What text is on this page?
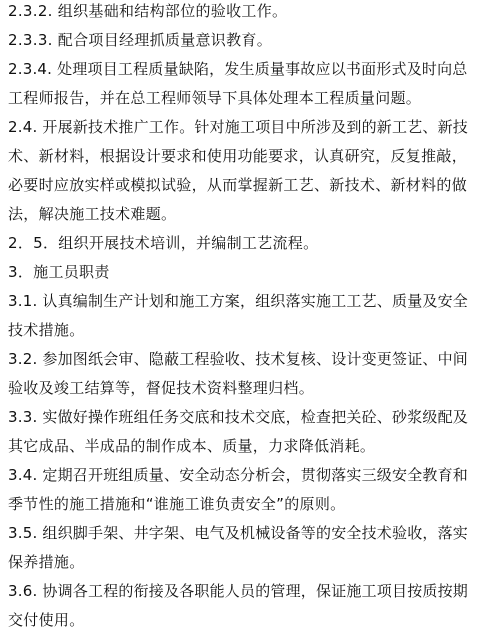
2.3.2. 组织基础和结构部位的验收工作。
2.3.3. 配合项目经理抓质量意识教育。
2.3.4. 处理项目工程质量缺陷，发生质量事故应以书面形式及时向总
工程师报告，并在总工程师领导下具体处理本工程质量问题。
2.4. 开展新技术推广工作。针对施工项目中所涉及到的新工艺、新技
术、新材料，根据设计要求和使用功能要求，认真研究，反复推敲，
必要时应放实样或模拟试验，从而掌握新工艺、新技术、新材料的做
法，解决施工技术难题。
2．5．组织开展技术培训，并编制工艺流程。
3．施工员职责
3.1. 认真编制生产计划和施工方案，组织落实施工工艺、质量及安全
技术措施。
3.2. 参加图纸会审、隐蔽工程验收、技术复核、设计变更签证、中间
验收及竣工结算等，督促技术资料整理归档。
3.3. 实做好操作班组任务交底和技术交底，检查把关砼、砂浆级配及
其它成品、半成品的制作成本、质量，力求降低消耗。
3.4. 定期召开班组质量、安全动态分析会，贯彻落实三级安全教育和
季节性的施工措施和“谁施工谁负责安全”的原则。
3.5. 组织脚手架、井字架、电气及机械设备等的安全技术验收，落实
保养措施。
3.6. 协调各工程的衔接及各职能人员的管理，保证施工项目按质按期
交付使用。
